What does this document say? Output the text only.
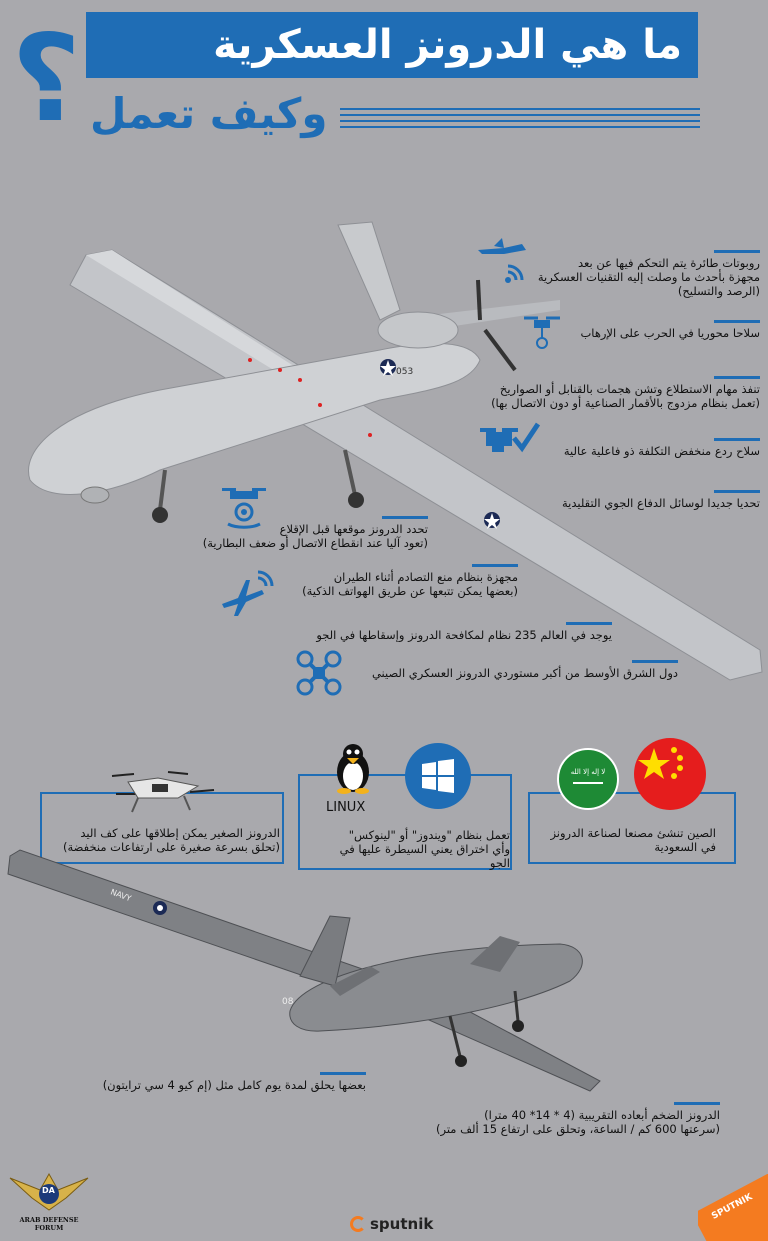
؟	ما هي الدرونز العسكرية
وكيف تعمل
053
روبوتات طائرة يتم التحكم فيها عن بعد
مجهزة بأحدث ما وصلت إليه التقنيات العسكرية
(الرصد والتسليح)
سلاحا محوريا في الحرب على الإرهاب
تنفذ مهام الاستطلاع وتشن هجمات بالقنابل أو الصواريخ
(تعمل بنظام مزدوج بالأقمار الصناعية أو دون الاتصال بها)
سلاح ردع منخفض التكلفة ذو فاعلية عالية
تحديا جديدا لوسائل الدفاع الجوي التقليدية
تحدد الدرونز موقعها قبل الإقلاع
(تعود آليا عند انقطاع الاتصال أو ضعف البطارية)
مجهزة بنظام منع التصادم أثناء الطيران
(بعضها يمكن تتبعها عن طريق الهواتف الذكية)
يوجد في العالم 235 نظام لمكافحة الدرونز وإسقاطها في الجو
دول الشرق الأوسط من أكبر مستوردي الدرونز العسكري الصيني
الدرونز الصغير يمكن إطلاقها على كف اليد
(تحلق بسرعة صغيرة على ارتفاعات منخفضة)
LINUX
تعمل بنظام "ويندوز" أو "لينوكس"
وأي اختراق يعني السيطرة عليها في
الجو
لا إله إلا الله
الصين تنشئ مصنعا لصناعة الدرونز
في السعودية
NAVY
08
بعضها يحلق لمدة يوم كامل مثل (إم كيو 4 سي ترايتون)
الدرونز الضخم أبعاده التقريبية (4 * 14* 40 مترا)
(سرعتها 600 كم / الساعة، وتحلق على ارتفاع 15 ألف متر)
DA
ARAB DEFENSE FORUM	sputnik
SPUTNIK
